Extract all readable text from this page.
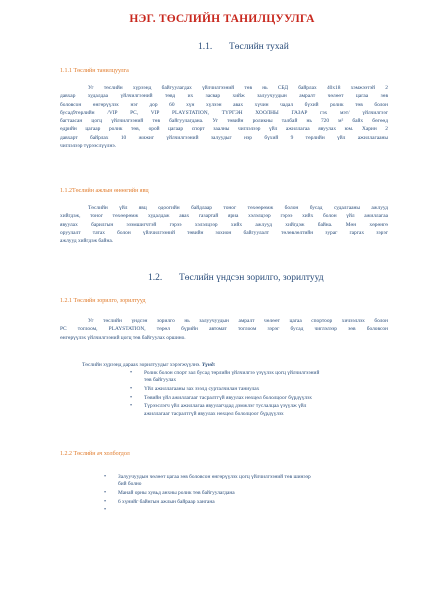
НЭГ. ТӨСЛИЙН ТАНИЛЦУУЛГА
1.1. Төслийн тухай
1.1.1 Төслийн танилцуулга
Уг төслийн хүрээнд байгуулагдах үйлчилгээний төв нь СБД байрлах 40х18 хэмжээтэй 2
давхар худалдаа үйлчилгээний төвд их засвар хийж залуучуудын амралт чөлөөт цагаа зөв
боловсон өнгөрүүлэх нэг дор 60 хүн хүлээн авах хүчин чадал бүхий ролик төв болон
бусад9төрлийн /VIP PC, VIP PLAYSTATION, ТҮРГЭН ХООЛНЫ ГАЗАР гэх мэт/ үйлчилгээг
багтаасан цогц үйлчилгээний төв байгуулагдана. Уг төвийн роликны талбай нь 720 м² байх бөгөөд
өдрийн цагаар ролик төв, орой цагаар спорт заалны чиглэлээр үйл ажиллагаа явуулах юм. Харин 2
давхарт байрлах 10 жижиг үйлчилгээний залуудыг нэр бүхий 9 төрлийн үйл ажиллагааны
чиглэлээр түрээслүүлнэ.
1.1.2Төслийн ажлын өнөөгийн явц
Төслийн үйл явц одоогийн байдлаар тоног төхөөрөмж болон бусад судалгааны ажлууд
хийгдэж, тоног төхөөрөмж худалдаж авах газартай яриа хэлэлцээр гэрээ хийх болон үйл ажиллагаа
явуулах барилгын эзэмшигчтэй гэрээ хэлэлцээр хийх ажлууд хийгдэж байна. Мөн хөрөнгө
оруулалт татах болон үйлчилгээний төвийн зохион байгуулалт төлөвлөлтийн зураг гаргах зэрэг
ажлууд хийгдэж байна.
1.2. Төслийн үндсэн зорилго, зорилтууд
1.2.1 Төслийн зорилго, зорилтууд
Уг төслийн үндсэн зорилго нь залуучуудын амралт чөлөөт цагаа спортоор хичээллэх болон
PC тоглоом, PLAYSTATION, төрөл бүрийн автомат тоглоом зэрэг бусад чиглэлээр зөв боловсон
өнгөрүүлэх үйлчилгээний цогц төв байгуулах оршино.
Төслийн хүрээнд дараах зорилтуудыг хэрэгжүүлнэ. Үүнд:
• Ролик болон спорт зал бусад төрлийн үйлчилгээ үзүүлэх цогц үйлчилгээний
төв байгуулах
• Үйл ажиллагааны зах зээлд сурталчилан таниулах
• Төвийн үйл ажиллагааг тасралтгүй явуулах нөхцөл бололцоог бүрдүүлэх
• Түрээслэгч үйл ажиллагаа явуулагчдад дэмжлэг туслалцаа үзүүлж үйл
ажиллагааг тасралтгүй явуулах нөхцөл бололцоог бүрдүүлэх
1.2.2 Төслийн ач холбогдол
• Залуучуудын чөлөөт цагаа зөв боловсон өнгөрүүлэх цогц үйлчилгээний төв шинээр
бий болно
• Манай орны хувьд анхны ролик төв байгуулагдана
• 6 хүнийг байнгын ажлын байраар хангана
•
